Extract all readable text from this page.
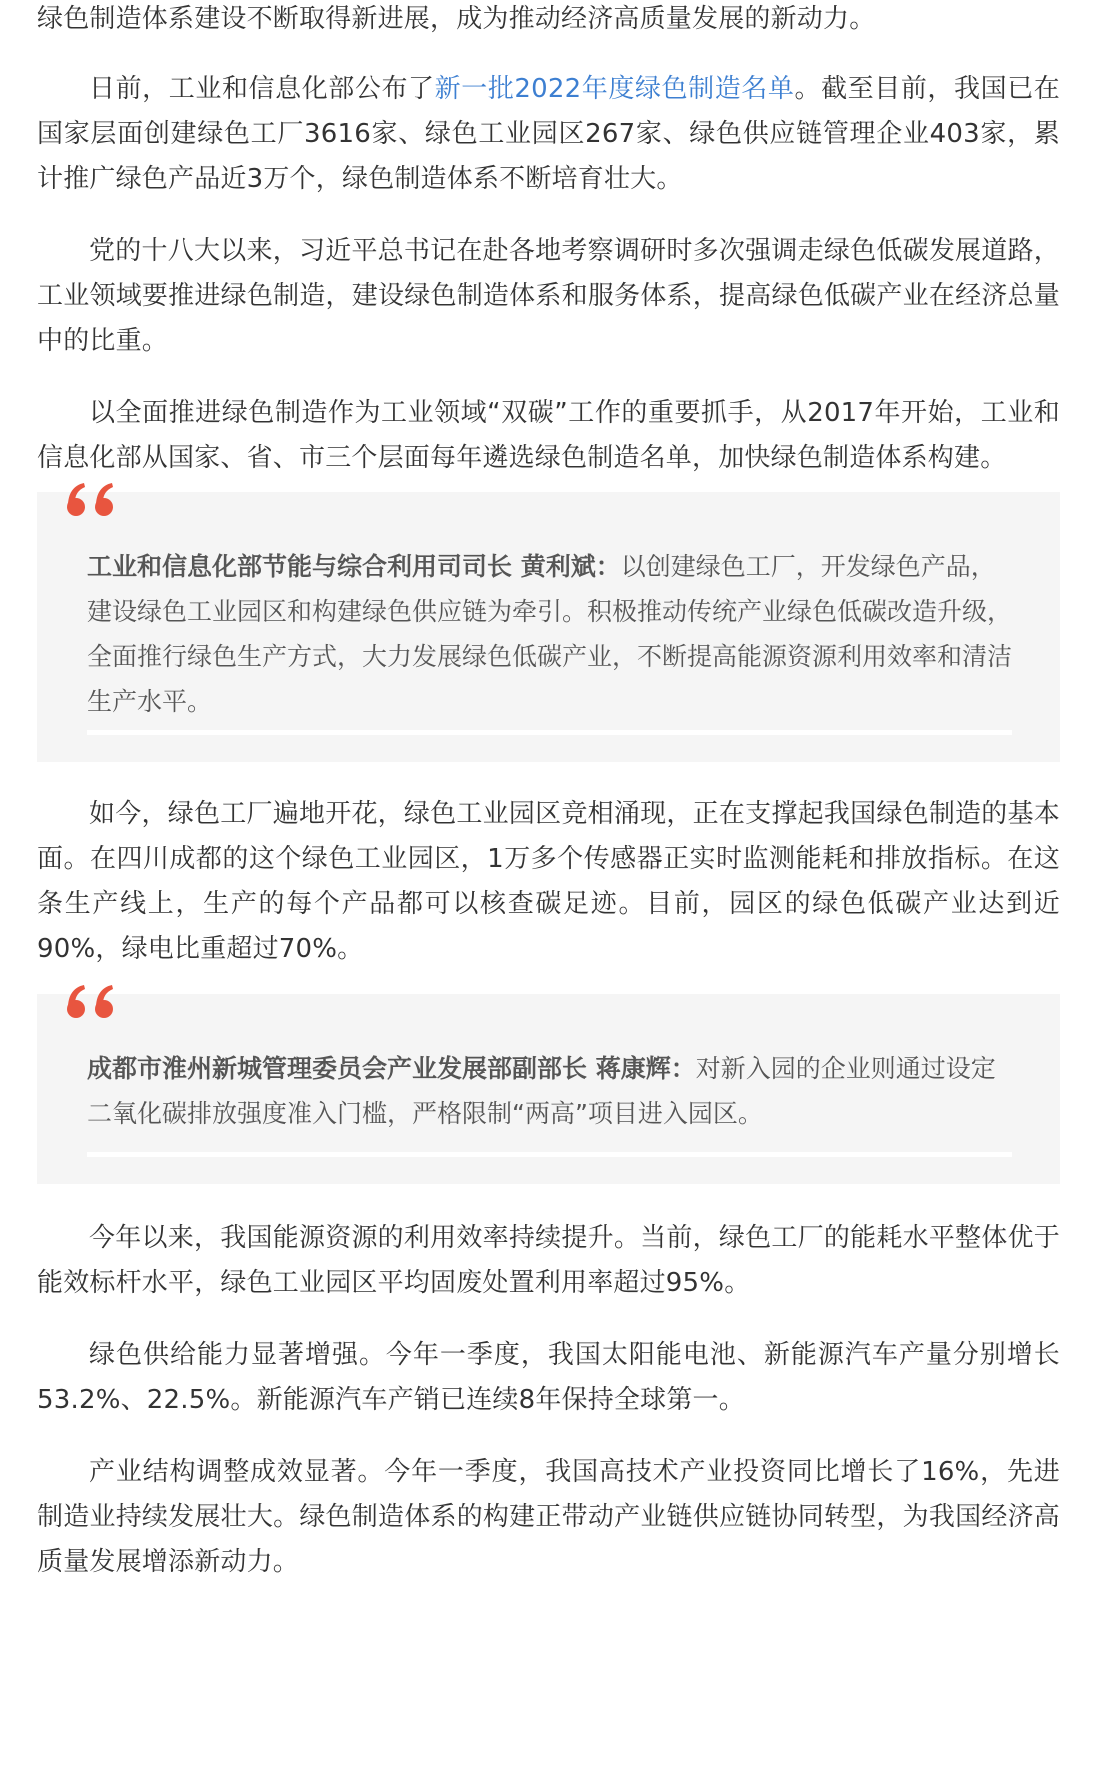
绿色制造体系建设不断取得新进展，成为推动经济高质量发展的新动力。

日前，工业和信息化部公布了新一批2022年度绿色制造名单。截至目前，我国已在国家层面创建绿色工厂3616家、绿色工业园区267家、绿色供应链管理企业403家，累计推广绿色产品近3万个，绿色制造体系不断培育壮大。

党的十八大以来，习近平总书记在赴各地考察调研时多次强调走绿色低碳发展道路，工业领域要推进绿色制造，建设绿色制造体系和服务体系，提高绿色低碳产业在经济总量中的比重。

以全面推进绿色制造作为工业领域“双碳”工作的重要抓手，从2017年开始，工业和信息化部从国家、省、市三个层面每年遴选绿色制造名单，加快绿色制造体系构建。

工业和信息化部节能与综合利用司司长 黄利斌：以创建绿色工厂，开发绿色产品，建设绿色工业园区和构建绿色供应链为牵引。积极推动传统产业绿色低碳改造升级，全面推行绿色生产方式，大力发展绿色低碳产业，不断提高能源资源利用效率和清洁生产水平。

如今，绿色工厂遍地开花，绿色工业园区竞相涌现，正在支撑起我国绿色制造的基本面。在四川成都的这个绿色工业园区，1万多个传感器正实时监测能耗和排放指标。在这条生产线上，生产的每个产品都可以核查碳足迹。目前，园区的绿色低碳产业达到近90%，绿电比重超过70%。

成都市淮州新城管理委员会产业发展部副部长 蒋康辉：对新入园的企业则通过设定二氧化碳排放强度准入门槛，严格限制“两高”项目进入园区。

今年以来，我国能源资源的利用效率持续提升。当前，绿色工厂的能耗水平整体优于能效标杆水平，绿色工业园区平均固废处置利用率超过95%。

绿色供给能力显著增强。今年一季度，我国太阳能电池、新能源汽车产量分别增长53.2%、22.5%。新能源汽车产销已连续8年保持全球第一。

产业结构调整成效显著。今年一季度，我国高技术产业投资同比增长了16%，先进制造业持续发展壮大。绿色制造体系的构建正带动产业链供应链协同转型，为我国经济高质量发展增添新动力。
